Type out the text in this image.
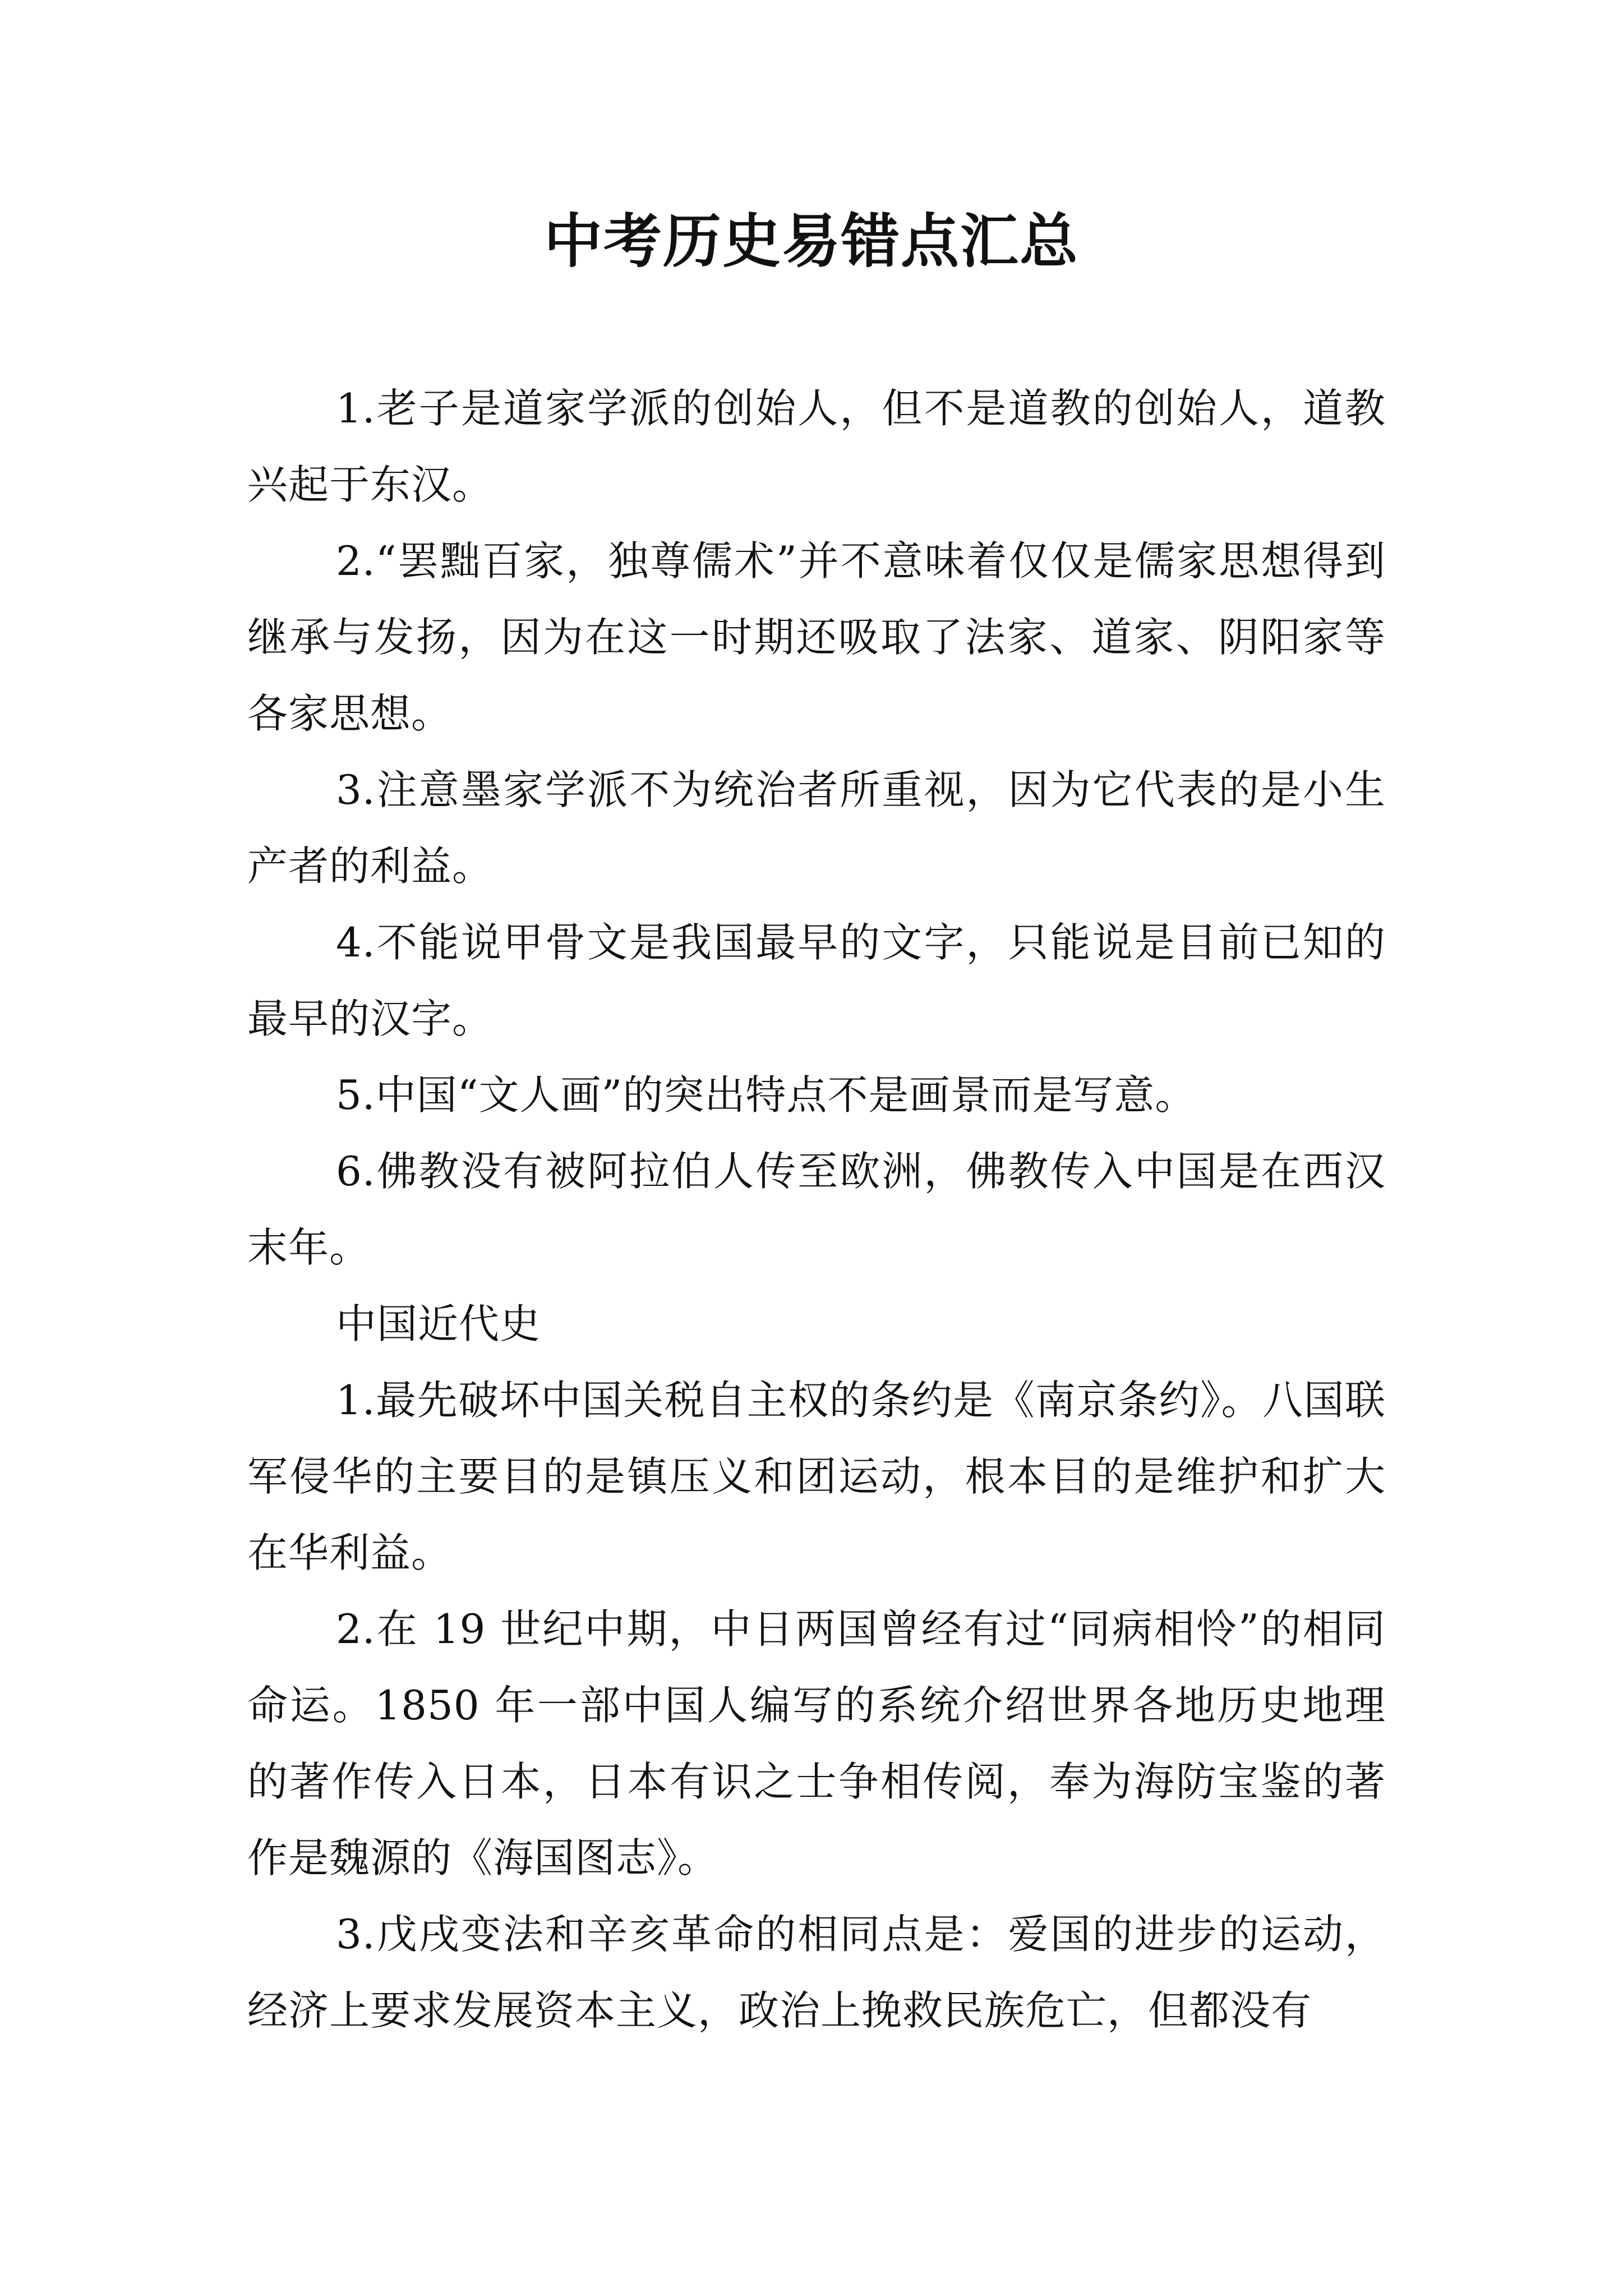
中考历史易错点汇总

1.老子是道家学派的创始人，但不是道教的创始人，道教兴起于东汉。

2.“罢黜百家，独尊儒术”并不意味着仅仅是儒家思想得到继承与发扬，因为在这一时期还吸取了法家、道家、阴阳家等各家思想。

3.注意墨家学派不为统治者所重视，因为它代表的是小生产者的利益。

4.不能说甲骨文是我国最早的文字，只能说是目前已知的最早的汉字。

5.中国“文人画”的突出特点不是画景而是写意。

6.佛教没有被阿拉伯人传至欧洲，佛教传入中国是在西汉末年。

中国近代史

1.最先破坏中国关税自主权的条约是《南京条约》。八国联军侵华的主要目的是镇压义和团运动，根本目的是维护和扩大在华利益。

2.在 19 世纪中期，中日两国曾经有过“同病相怜”的相同命运。1850 年一部中国人编写的系统介绍世界各地历史地理的著作传入日本，日本有识之士争相传阅，奉为海防宝鉴的著作是魏源的《海国图志》。

3.戊戌变法和辛亥革命的相同点是：爱国的进步的运动，经济上要求发展资本主义，政治上挽救民族危亡，但都没有
